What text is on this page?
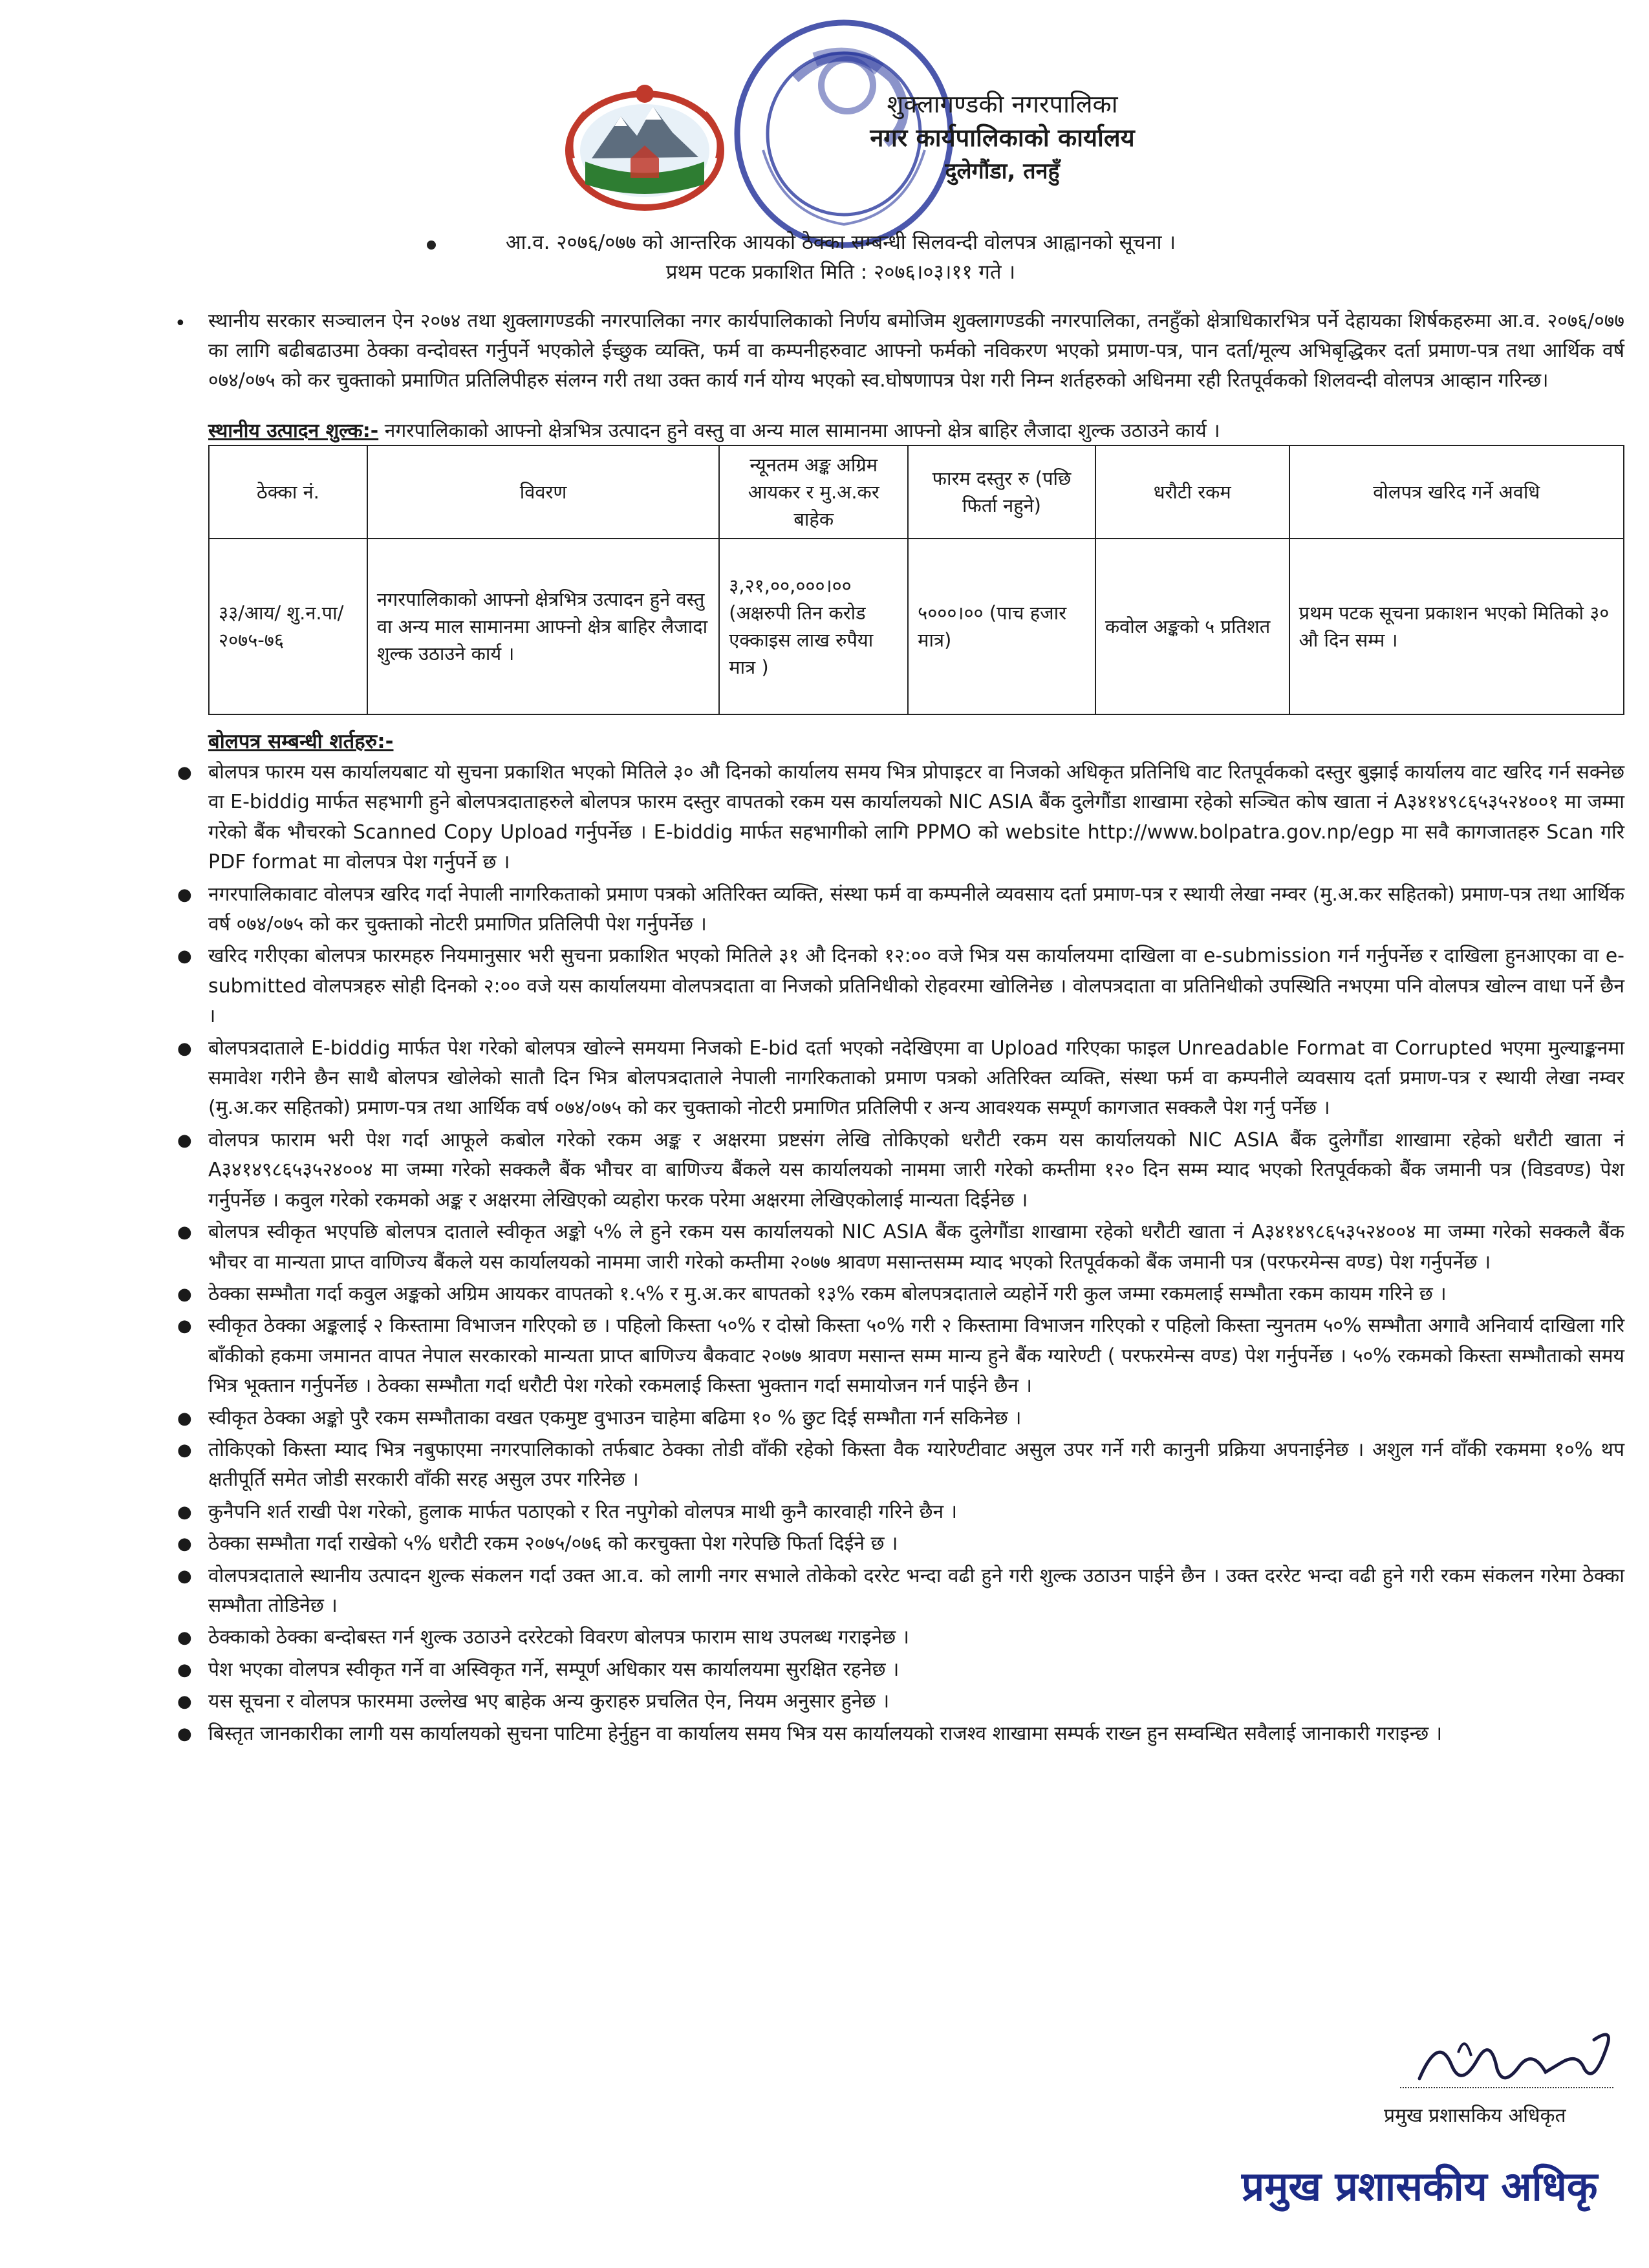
शुक्लागण्डकी नगरपालिका
नगर कार्यपालिकाको कार्यालय
दुलेगौंडा, तनहुँ
आ.व. २०७६/०७७ को आन्तरिक आयको ठेक्का सम्बन्धी सिलवन्दी वोलपत्र आह्वानको सूचना ।
प्रथम पटक प्रकाशित मिति : २०७६।०३।११ गते ।
• स्थानीय सरकार सञ्चालन ऐन २०७४ तथा शुक्लागण्डकी नगरपालिका नगर कार्यपालिकाको निर्णय बमोजिम शुक्लागण्डकी नगरपालिका, तनहुँको क्षेत्राधिकारभित्र पर्ने देहायका शिर्षकहरुमा आ.व. २०७६/०७७ का लागि बढीबढाउमा ठेक्का वन्दोवस्त गर्नुपर्ने भएकोले ईच्छुक व्यक्ति, फर्म वा कम्पनीहरुवाट आफ्नो फर्मको नविकरण भएको प्रमाण-पत्र, पान दर्ता/मूल्य अभिबृद्धिकर दर्ता प्रमाण-पत्र तथा आर्थिक वर्ष ०७४/०७५ को कर चुक्ताको प्रमाणित प्रतिलिपीहरु संलग्न गरी तथा उक्त कार्य गर्न योग्य भएको स्व.घोषणापत्र पेश गरी निम्न शर्तहरुको अधिनमा रही रितपूर्वकको शिलवन्दी वोलपत्र आव्हान गरिन्छ।
स्थानीय उत्पादन शुल्क:- नगरपालिकाको आफ्नो क्षेत्रभित्र उत्पादन हुने वस्तु वा अन्य माल सामानमा आफ्नो क्षेत्र बाहिर लैजादा शुल्क उठाउने कार्य ।
ठेक्का नं.	विवरण	न्यूनतम अङ्क अग्रिम आयकर र मु.अ.कर बाहेक	फारम दस्तुर रु (पछि फिर्ता नहुने)	धरौटी रकम	वोलपत्र खरिद गर्ने अवधि
३३/आय/ शु.न.पा/ २०७५-७६	नगरपालिकाको आफ्नो क्षेत्रभित्र उत्पादन हुने वस्तु वा अन्य माल सामानमा आफ्नो क्षेत्र बाहिर लैजादा शुल्क उठाउने कार्य ।	३,२१,००,०००।०० (अक्षरुपी तिन करोड एक्काइस लाख रुपैया मात्र )	५०००।०० (पाच हजार मात्र)	कवोल अङ्कको ५ प्रतिशत	प्रथम पटक सूचना प्रकाशन भएको मितिको ३० औ दिन सम्म ।
बोलपत्र सम्बन्धी शर्तहरु:-
● बोलपत्र फारम यस कार्यालयबाट यो सुचना प्रकाशित भएको मितिले ३० औ दिनको कार्यालय समय भित्र प्रोपाइटर वा निजको अधिकृत प्रतिनिधि वाट रितपूर्वकको दस्तुर बुझाई कार्यालय वाट खरिद गर्न सक्नेछ वा E-biddig मार्फत सहभागी हुने बोलपत्रदाताहरुले बोलपत्र फारम दस्तुर वापतको रकम यस कार्यालयको NIC ASIA बैंक दुलेगौंडा शाखामा रहेको सञ्चित कोष खाता नं A३४१४९८६५३५२४००१ मा जम्मा गरेको बैंक भौचरको Scanned Copy Upload गर्नुपर्नेछ । E-biddig मार्फत सहभागीको लागि PPMO को website http://www.bolpatra.gov.np/egp मा सवै कागजातहरु Scan गरि PDF format मा वोलपत्र पेश गर्नुपर्ने छ ।
● नगरपालिकावाट वोलपत्र खरिद गर्दा नेपाली नागरिकताको प्रमाण पत्रको अतिरिक्त व्यक्ति, संस्था फर्म वा कम्पनीले व्यवसाय दर्ता प्रमाण-पत्र र स्थायी लेखा नम्वर (मु.अ.कर सहितको) प्रमाण-पत्र तथा आर्थिक वर्ष ०७४/०७५ को कर चुक्ताको नोटरी प्रमाणित प्रतिलिपी पेश गर्नुपर्नेछ ।
● खरिद गरीएका बोलपत्र फारमहरु नियमानुसार भरी सुचना प्रकाशित भएको मितिले ३१ औ दिनको १२:०० वजे भित्र यस कार्यालयमा दाखिला वा e-submission गर्न गर्नुपर्नेछ र दाखिला हुनआएका वा e-submitted वोलपत्रहरु सोही दिनको २:०० वजे यस कार्यालयमा वोलपत्रदाता वा निजको प्रतिनिधीको रोहवरमा खोलिनेछ । वोलपत्रदाता वा प्रतिनिधीको उपस्थिति नभएमा पनि वोलपत्र खोल्न वाधा पर्ने छैन ।
● बोलपत्रदाताले E-biddig मार्फत पेश गरेको बोलपत्र खोल्ने समयमा निजको E-bid दर्ता भएको नदेखिएमा वा Upload गरिएका फाइल Unreadable Format वा Corrupted भएमा मुल्याङ्कनमा समावेश गरीने छैन साथै बोलपत्र खोलेको सातौ दिन भित्र बोलपत्रदाताले नेपाली नागरिकताको प्रमाण पत्रको अतिरिक्त व्यक्ति, संस्था फर्म वा कम्पनीले व्यवसाय दर्ता प्रमाण-पत्र र स्थायी लेखा नम्वर (मु.अ.कर सहितको) प्रमाण-पत्र तथा आर्थिक वर्ष ०७४/०७५ को कर चुक्ताको नोटरी प्रमाणित प्रतिलिपी र अन्य आवश्यक सम्पूर्ण कागजात सक्कलै पेश गर्नु पर्नेछ ।
● वोलपत्र फाराम भरी पेश गर्दा आफूले कबोल गरेको रकम अङ्क र अक्षरमा प्रष्टसंग लेखि तोकिएको धरौटी रकम यस कार्यालयको NIC ASIA बैंक दुलेगौंडा शाखामा रहेको धरौटी खाता नं A३४१४९८६५३५२४००४ मा जम्मा गरेको सक्कलै बैंक भौचर वा बाणिज्य बैंकले यस कार्यालयको नाममा जारी गरेको कम्तीमा १२० दिन सम्म म्याद भएको रितपूर्वकको बैंक जमानी पत्र (विडवण्ड) पेश गर्नुपर्नेछ । कवुल गरेको रकमको अङ्क र अक्षरमा लेखिएको व्यहोरा फरक परेमा अक्षरमा लेखिएकोलाई मान्यता दिईनेछ ।
● बोलपत्र स्वीकृत भएपछि बोलपत्र दाताले स्वीकृत अङ्को ५% ले हुने रकम यस कार्यालयको NIC ASIA बैंक दुलेगौंडा शाखामा रहेको धरौटी खाता नं A३४१४९८६५३५२४००४ मा जम्मा गरेको सक्कलै बैंक भौचर वा मान्यता प्राप्त वाणिज्य बैंकले यस कार्यालयको नाममा जारी गरेको कम्तीमा २०७७ श्रावण मसान्तसम्म म्याद भएको रितपूर्वकको बैंक जमानी पत्र (परफरमेन्स वण्ड) पेश गर्नुपर्नेछ ।
● ठेक्का सम्भौता गर्दा कवुल अङ्कको अग्रिम आयकर वापतको १.५% र मु.अ.कर बापतको १३% रकम बोलपत्रदाताले व्यहोर्ने गरी कुल जम्मा रकमलाई सम्भौता रकम कायम गरिने छ ।
● स्वीकृत ठेक्का अङ्कलाई २ किस्तामा विभाजन गरिएको छ । पहिलो किस्ता ५०% र दोस्रो किस्ता ५०% गरी २ किस्तामा विभाजन गरिएको र पहिलो किस्ता न्युनतम ५०% सम्भौता अगावै अनिवार्य दाखिला गरि बाँकीको हकमा जमानत वापत नेपाल सरकारको मान्यता प्राप्त बाणिज्य बैकवाट २०७७ श्रावण मसान्त सम्म मान्य हुने बैंक ग्यारेण्टी ( परफरमेन्स वण्ड) पेश गर्नुपर्नेछ । ५०% रकमको किस्ता सम्भौताको समय भित्र भूक्तान गर्नुपर्नेछ । ठेक्का सम्भौता गर्दा धरौटी पेश गरेको रकमलाई किस्ता भुक्तान गर्दा समायोजन गर्न पाईने छैन ।
● स्वीकृत ठेक्का अङ्को पुरै रकम सम्भौताका वखत एकमुष्ट वुभाउन चाहेमा बढिमा १० % छुट दिई सम्भौता गर्न सकिनेछ ।
● तोकिएको किस्ता म्याद भित्र नबुफाएमा नगरपालिकाको तर्फबाट ठेक्का तोडी वाँकी रहेको किस्ता वैक ग्यारेण्टीवाट असुल उपर गर्ने गरी कानुनी प्रक्रिया अपनाईनेछ । अशुल गर्न वाँकी रकममा १०% थप क्षतीपूर्ति समेत जोडी सरकारी वाँकी सरह असुल उपर गरिनेछ ।
● कुनैपनि शर्त राखी पेश गरेको, हुलाक मार्फत पठाएको र रित नपुगेको वोलपत्र माथी कुनै कारवाही गरिने छैन ।
● ठेक्का सम्भौता गर्दा राखेको ५% धरौटी रकम २०७५/०७६ को करचुक्ता पेश गरेपछि फिर्ता दिईने छ ।
● वोलपत्रदाताले स्थानीय उत्पादन शुल्क संकलन गर्दा उक्त आ.व. को लागी नगर सभाले तोकेको दररेट भन्दा वढी हुने गरी शुल्क उठाउन पाईने छैन । उक्त दररेट भन्दा वढी हुने गरी रकम संकलन गरेमा ठेक्का सम्भौता तोडिनेछ ।
● ठेक्काको ठेक्का बन्दोबस्त गर्न शुल्क उठाउने दररेटको विवरण बोलपत्र फाराम साथ उपलब्ध गराइनेछ ।
● पेश भएका वोलपत्र स्वीकृत गर्ने वा अस्विकृत गर्ने, सम्पूर्ण अधिकार यस कार्यालयमा सुरक्षित रहनेछ ।
● यस सूचना र वोलपत्र फारममा उल्लेख भए बाहेक अन्य कुराहरु प्रचलित ऐन, नियम अनुसार हुनेछ ।
● बिस्तृत जानकारीका लागी यस कार्यालयको सुचना पाटिमा हेर्नुहुन वा कार्यालय समय भित्र यस कार्यालयको राजश्व शाखामा सम्पर्क राख्न हुन सम्वन्धित सवैलाई जानाकारी गराइन्छ ।
प्रमुख प्रशासकिय अधिकृत
प्रमुख प्रशासकीय अधिकृ
